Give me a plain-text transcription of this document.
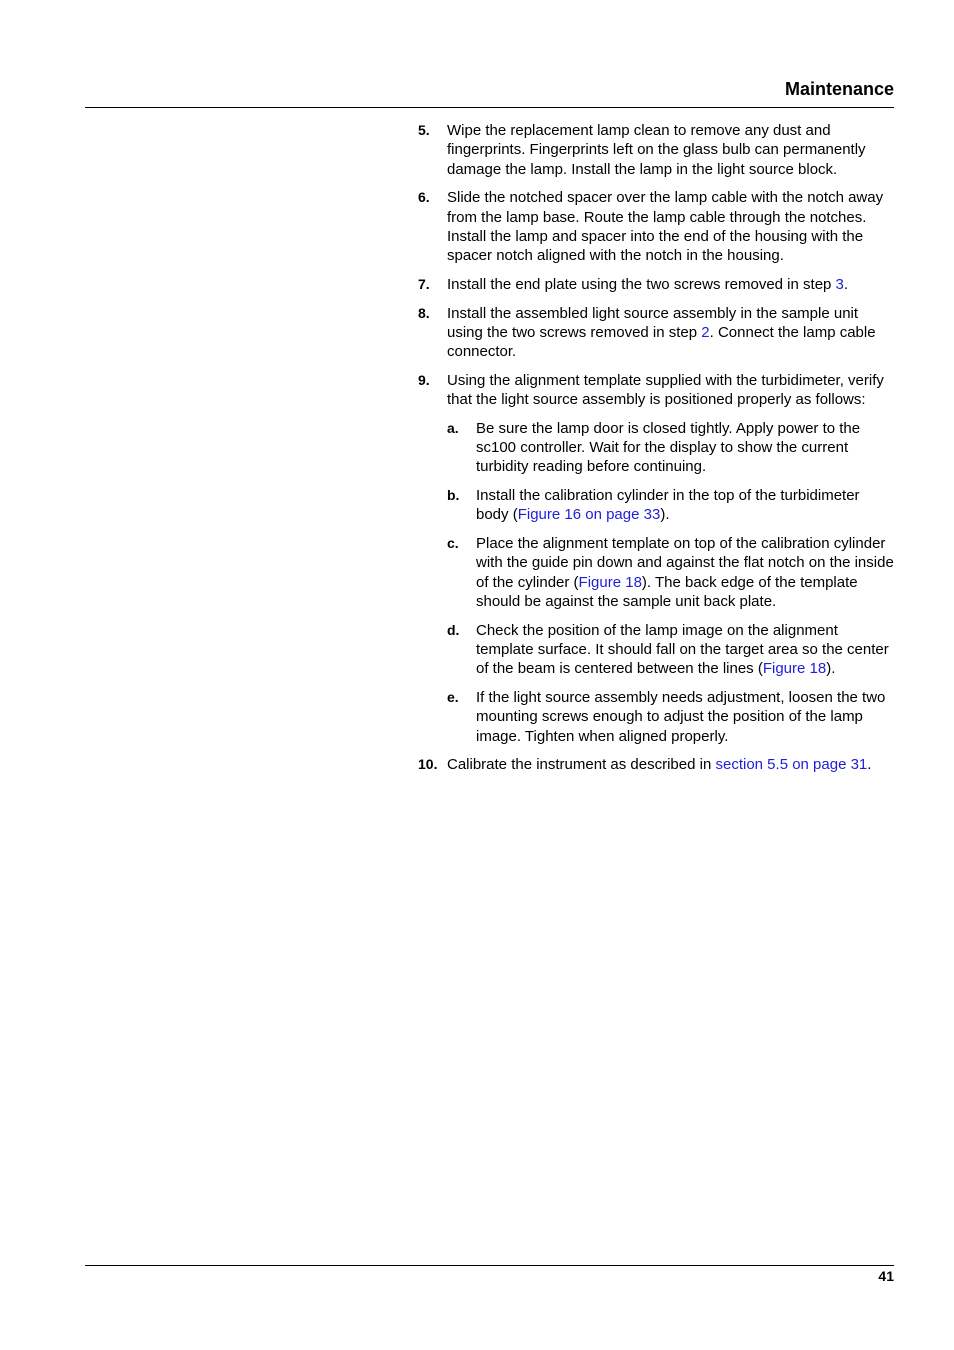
Maintenance
5. Wipe the replacement lamp clean to remove any dust and fingerprints. Fingerprints left on the glass bulb can permanently damage the lamp. Install the lamp in the light source block.
6. Slide the notched spacer over the lamp cable with the notch away from the lamp base. Route the lamp cable through the notches. Install the lamp and spacer into the end of the housing with the spacer notch aligned with the notch in the housing.
7. Install the end plate using the two screws removed in step 3.
8. Install the assembled light source assembly in the sample unit using the two screws removed in step 2. Connect the lamp cable connector.
9. Using the alignment template supplied with the turbidimeter, verify that the light source assembly is positioned properly as follows:
a. Be sure the lamp door is closed tightly. Apply power to the sc100 controller. Wait for the display to show the current turbidity reading before continuing.
b. Install the calibration cylinder in the top of the turbidimeter body (Figure 16 on page 33).
c. Place the alignment template on top of the calibration cylinder with the guide pin down and against the flat notch on the inside of the cylinder (Figure 18). The back edge of the template should be against the sample unit back plate.
d. Check the position of the lamp image on the alignment template surface. It should fall on the target area so the center of the beam is centered between the lines (Figure 18).
e. If the light source assembly needs adjustment, loosen the two mounting screws enough to adjust the position of the lamp image. Tighten when aligned properly.
10. Calibrate the instrument as described in section 5.5 on page 31.
41
